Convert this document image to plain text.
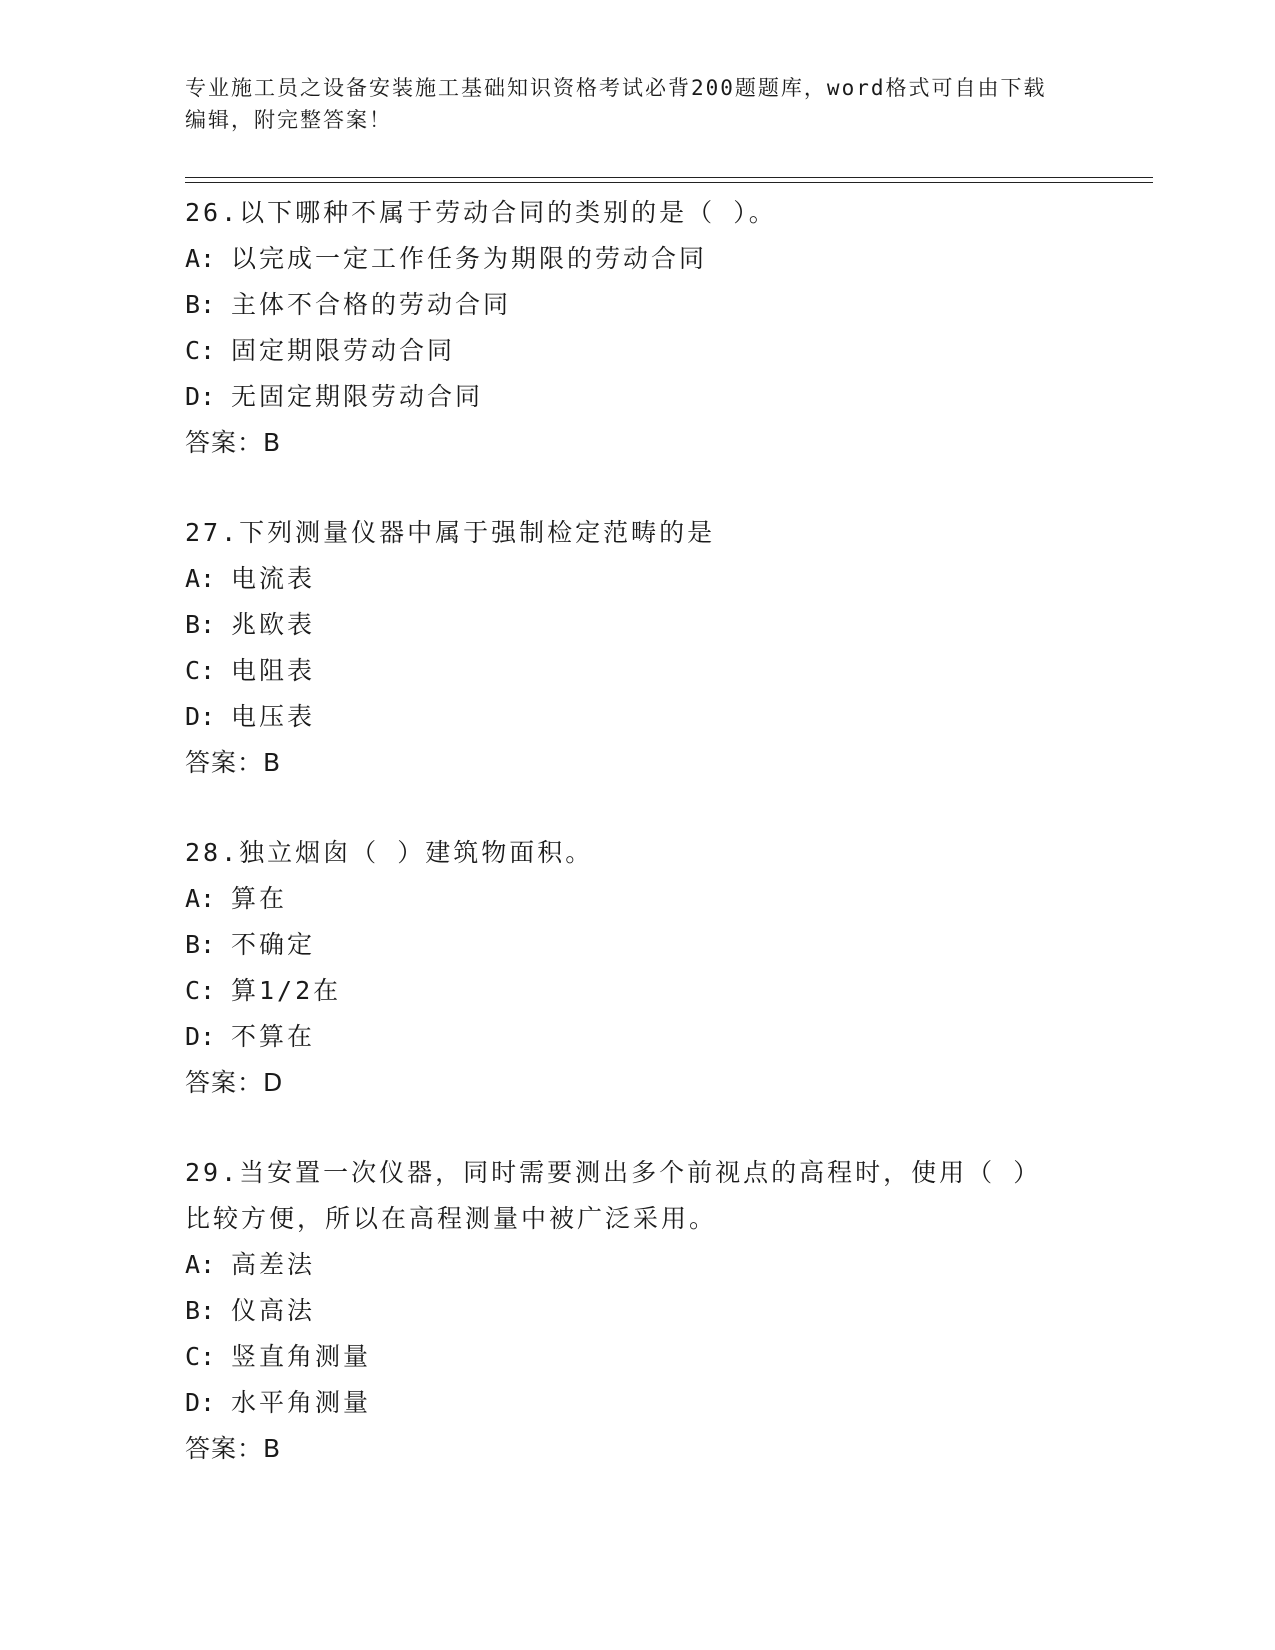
专业施工员之设备安装施工基础知识资格考试必背200题题库，word格式可自由下载编辑，附完整答案！
26.以下哪种不属于劳动合同的类别的是（ ）。
A: 以完成一定工作任务为期限的劳动合同
B: 主体不合格的劳动合同
C: 固定期限劳动合同
D: 无固定期限劳动合同
答案：B
27.下列测量仪器中属于强制检定范畴的是
A: 电流表
B: 兆欧表
C: 电阻表
D: 电压表
答案：B
28.独立烟囱（ ）建筑物面积。
A: 算在
B: 不确定
C: 算1/2在
D: 不算在
答案：D
29.当安置一次仪器，同时需要测出多个前视点的高程时，使用（ ）比较方便，所以在高程测量中被广泛采用。
A: 高差法
B: 仪高法
C: 竖直角测量
D: 水平角测量
答案：B
